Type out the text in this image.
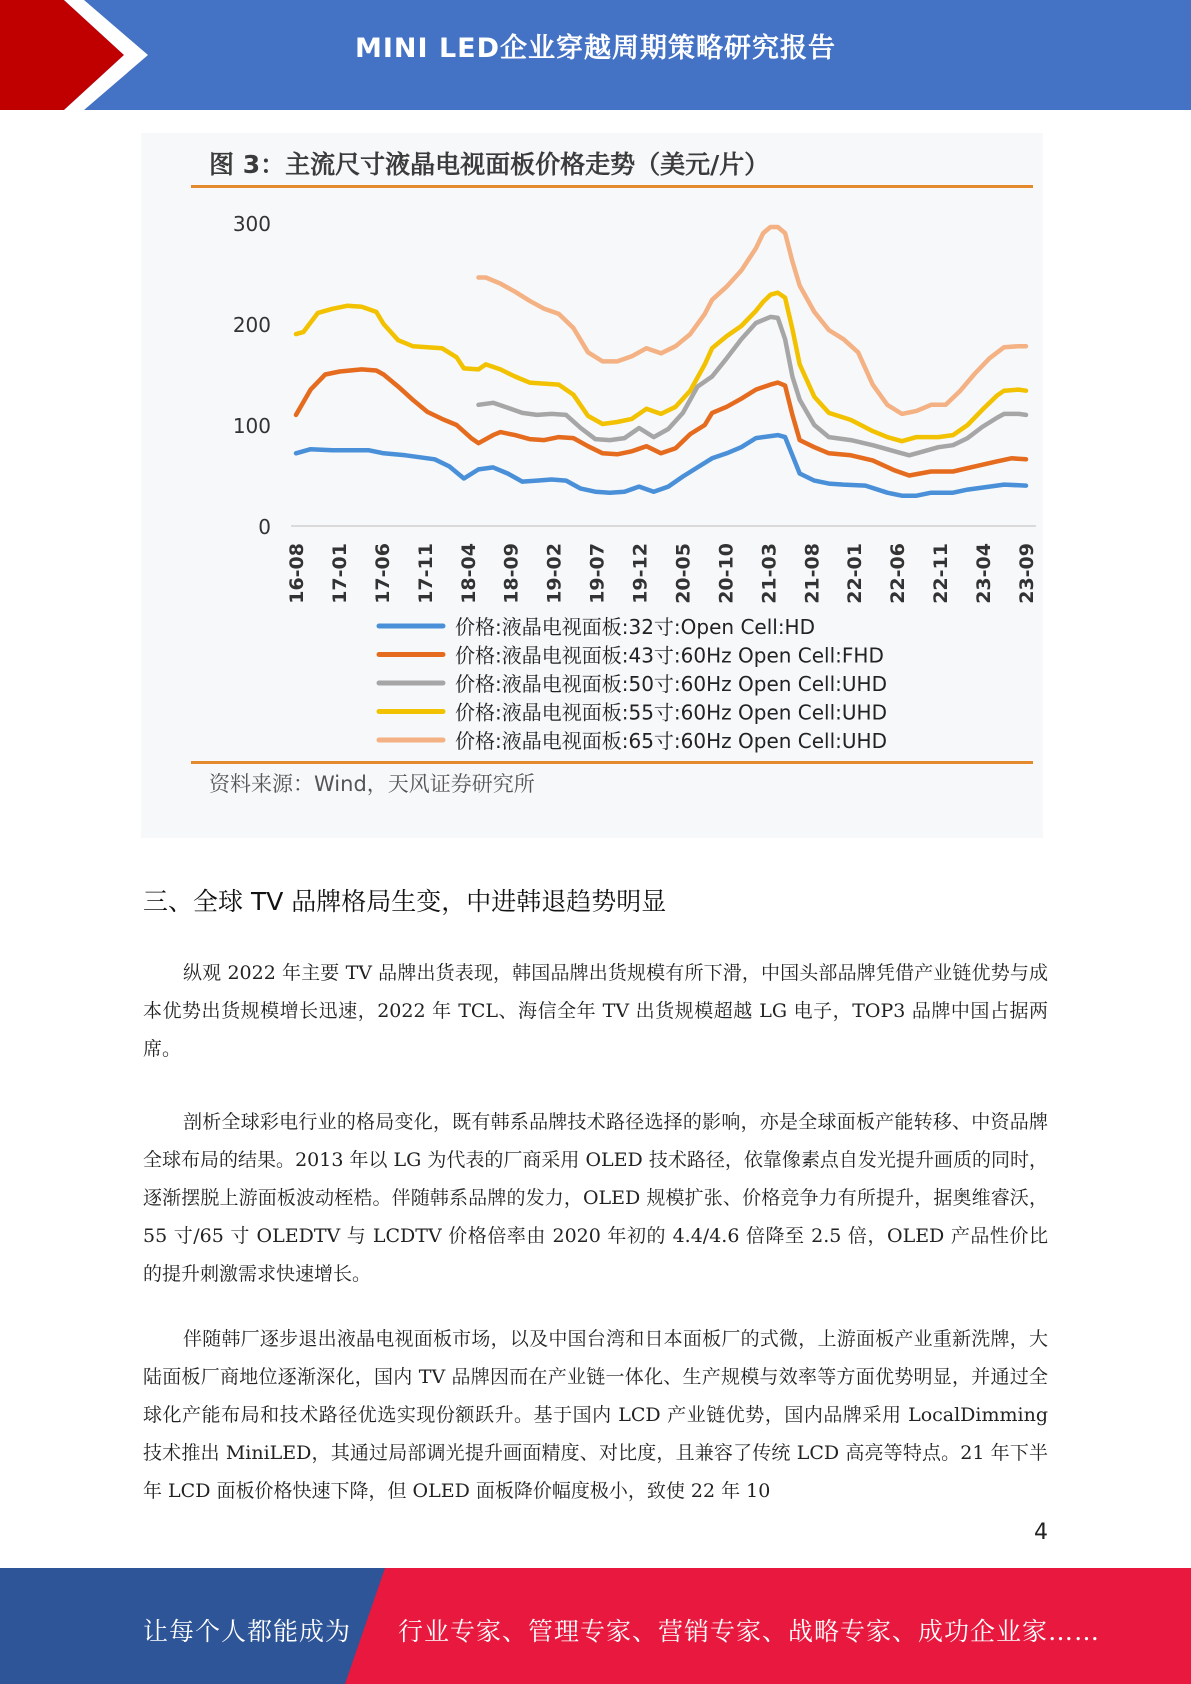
MINI LED企业穿越周期策略研究报告
图 3：主流尺寸液晶电视面板价格走势（美元/片）
0
100
200
300
16-08 17-01 17-06 17-11 18-04 18-09 19-02 19-07 19-12 20-05 20-10 21-03 21-08 22-01 22-06 22-11 23-04 23-09
价格:液晶电视面板:32寸:Open Cell:HD
价格:液晶电视面板:43寸:60Hz Open Cell:FHD
价格:液晶电视面板:50寸:60Hz Open Cell:UHD
价格:液晶电视面板:55寸:60Hz Open Cell:UHD
价格:液晶电视面板:65寸:60Hz Open Cell:UHD
资料来源：Wind，天风证券研究所
三、全球 TV 品牌格局生变，中进韩退趋势明显

纵观 2022 年主要 TV 品牌出货表现，韩国品牌出货规模有所下滑，中国头部品牌凭借产业链优势与成本优势出货规模增长迅速，2022 年 TCL、海信全年 TV 出货规模超越 LG 电子，TOP3 品牌中国占据两席。

剖析全球彩电行业的格局变化，既有韩系品牌技术路径选择的影响，亦是全球面板产能转移、中资品牌全球布局的结果。2013 年以 LG 为代表的厂商采用 OLED 技术路径，依靠像素点自发光提升画质的同时，逐渐摆脱上游面板波动桎梏。伴随韩系品牌的发力，OLED 规模扩张、价格竞争力有所提升，据奥维睿沃，55 寸/65 寸 OLEDTV 与 LCDTV 价格倍率由 2020 年初的 4.4/4.6 倍降至 2.5 倍，OLED 产品性价比的提升刺激需求快速增长。

伴随韩厂逐步退出液晶电视面板市场，以及中国台湾和日本面板厂的式微，上游面板产业重新洗牌，大陆面板厂商地位逐渐深化，国内 TV 品牌因而在产业链一体化、生产规模与效率等方面优势明显，并通过全球化产能布局和技术路径优选实现份额跃升。基于国内 LCD 产业链优势，国内品牌采用 LocalDimming 技术推出 MiniLED，其通过局部调光提升画面精度、对比度，且兼容了传统 LCD 高亮等特点。21 年下半年 LCD 面板价格快速下降，但 OLED 面板降价幅度极小，致使 22 年 10

4
让每个人都能成为 行业专家、管理专家、营销专家、战略专家、成功企业家……
